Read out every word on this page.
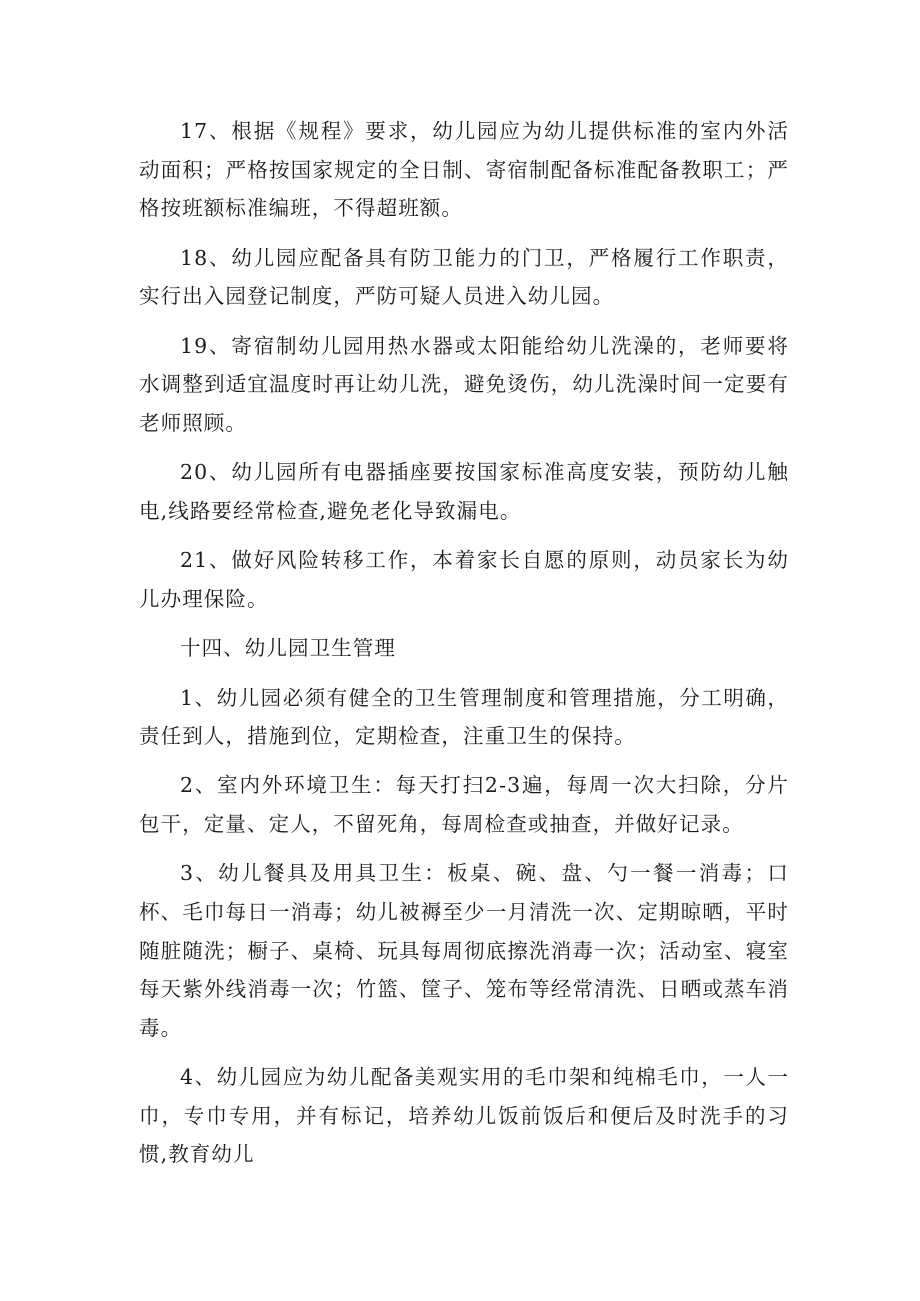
17、根据《规程》要求，幼儿园应为幼儿提供标准的室内外活动面积；严格按国家规定的全日制、寄宿制配备标准配备教职工；严格按班额标准编班，不得超班额。

18、幼儿园应配备具有防卫能力的门卫，严格履行工作职责，实行出入园登记制度，严防可疑人员进入幼儿园。

19、寄宿制幼儿园用热水器或太阳能给幼儿洗澡的，老师要将水调整到适宜温度时再让幼儿洗，避免烫伤，幼儿洗澡时间一定要有老师照顾。

20、幼儿园所有电器插座要按国家标准高度安装，预防幼儿触电,线路要经常检查,避免老化导致漏电。

21、做好风险转移工作，本着家长自愿的原则，动员家长为幼儿办理保险。

十四、幼儿园卫生管理

1、幼儿园必须有健全的卫生管理制度和管理措施，分工明确，责任到人，措施到位，定期检查，注重卫生的保持。

2、室内外环境卫生：每天打扫2-3遍，每周一次大扫除，分片包干，定量、定人，不留死角，每周检查或抽查，并做好记录。

3、幼儿餐具及用具卫生：板桌、碗、盘、勺一餐一消毒；口杯、毛巾每日一消毒；幼儿被褥至少一月清洗一次、定期晾晒，平时随脏随洗；橱子、桌椅、玩具每周彻底擦洗消毒一次；活动室、寝室每天紫外线消毒一次；竹篮、筐子、笼布等经常清洗、日晒或蒸车消毒。

4、幼儿园应为幼儿配备美观实用的毛巾架和纯棉毛巾，一人一巾，专巾专用，并有标记，培养幼儿饭前饭后和便后及时洗手的习惯,教育幼儿
